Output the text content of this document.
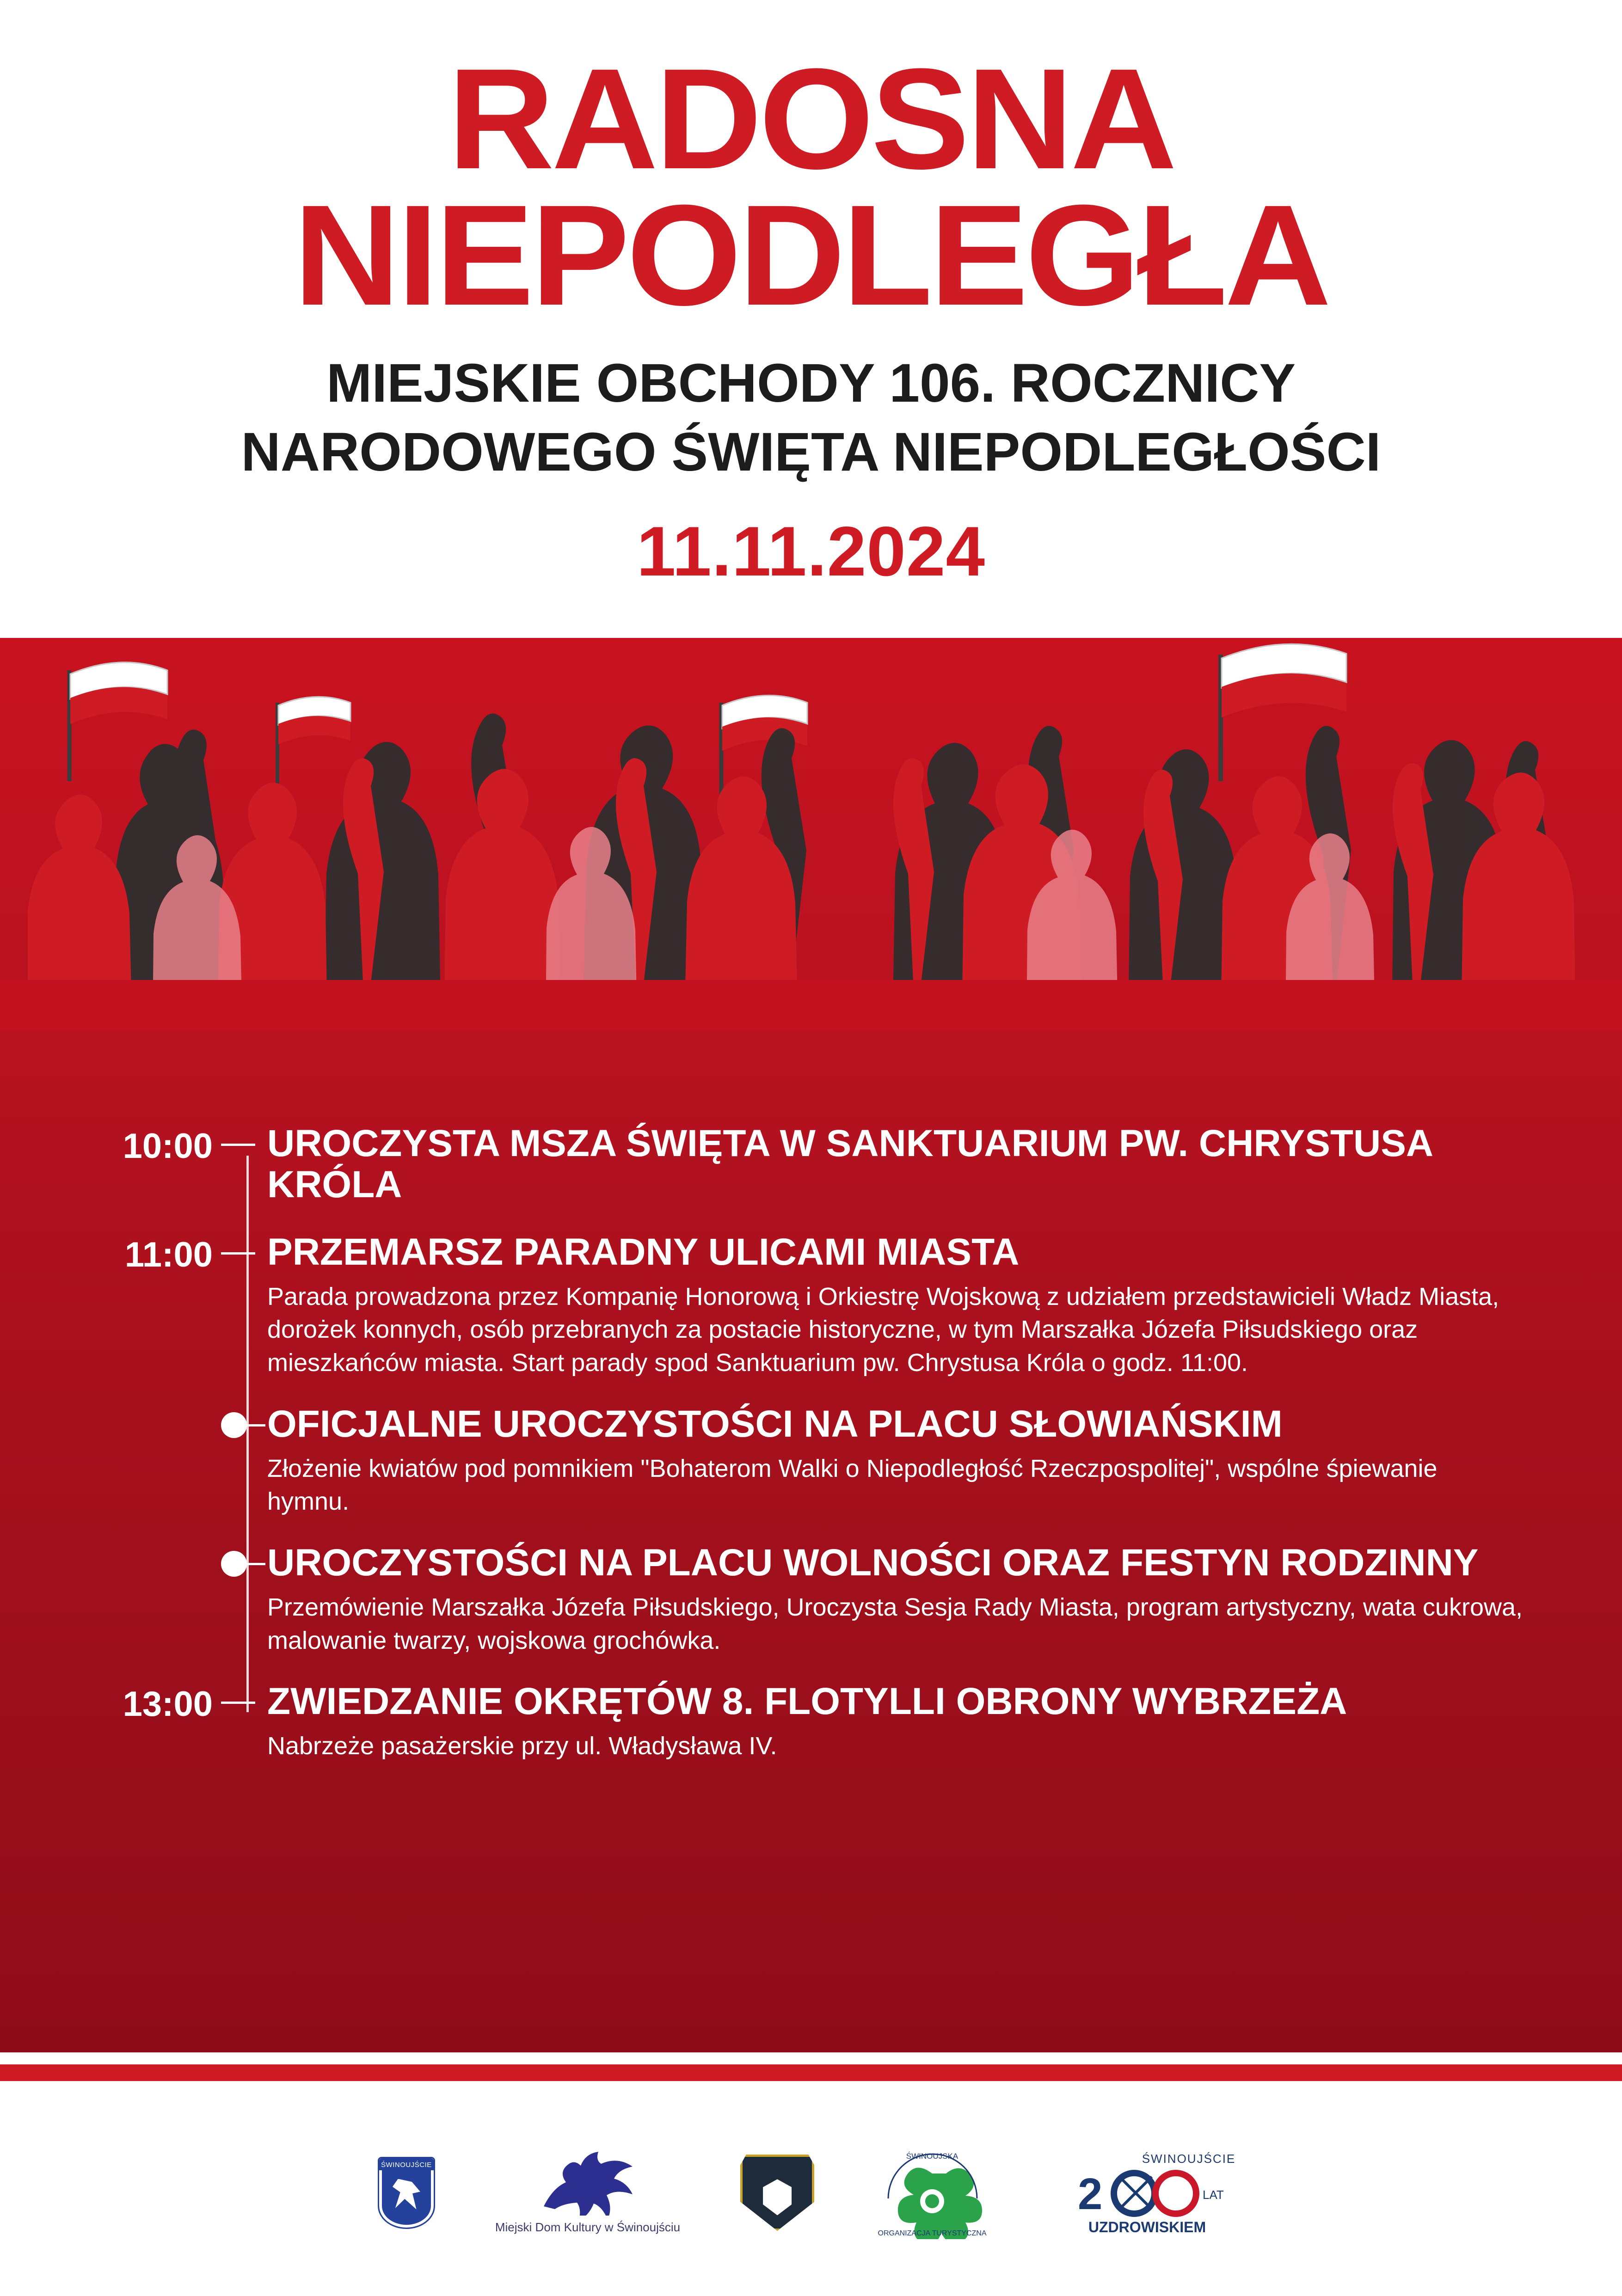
RADOSNA NIEPODLEGŁA
MIEJSKIE OBCHODY 106. ROCZNICY
NARODOWEGO ŚWIĘTA NIEPODLEGŁOŚCI
11.11.2024
10:00 UROCZYSTA MSZA ŚWIĘTA W SANKTUARIUM PW. CHRYSTUSA KRÓLA
11:00 PRZEMARSZ PARADNY ULICAMI MIASTA

Parada prowadzona przez Kompanię Honorową i Orkiestrę Wojskową z udziałem przedstawicieli Władz Miasta, dorożek konnych, osób przebranych za postacie historyczne, w tym Marszałka Józefa Piłsudskiego oraz mieszkańców miasta. Start parady spod Sanktuarium pw. Chrystusa Króla o godz. 11:00.

OFICJALNE UROCZYSTOŚCI NA PLACU SŁOWIAŃSKIM

Złożenie kwiatów pod pomnikiem "Bohaterom Walki o Niepodległość Rzeczpospolitej", wspólne śpiewanie hymnu.

UROCZYSTOŚCI NA PLACU WOLNOŚCI ORAZ FESTYN RODZINNY

Przemówienie Marszałka Józefa Piłsudskiego, Uroczysta Sesja Rady Miasta, program artystyczny, wata cukrowa, malowanie twarzy, wojskowa grochówka.

13:00 ZWIEDZANIE OKRĘTÓW 8. FLOTYLLI OBRONY WYBRZEŻA

Nabrzeże pasażerskie przy ul. Władysława IV.

ŚWINOUJŚCIE
Miejski Dom Kultury w Świnoujściu
ŚWINOUJSKA
ORGANIZACJA TURYSTYCZNA
ŚWINOUJŚCIE
2	LAT
UZDROWISKIEM
